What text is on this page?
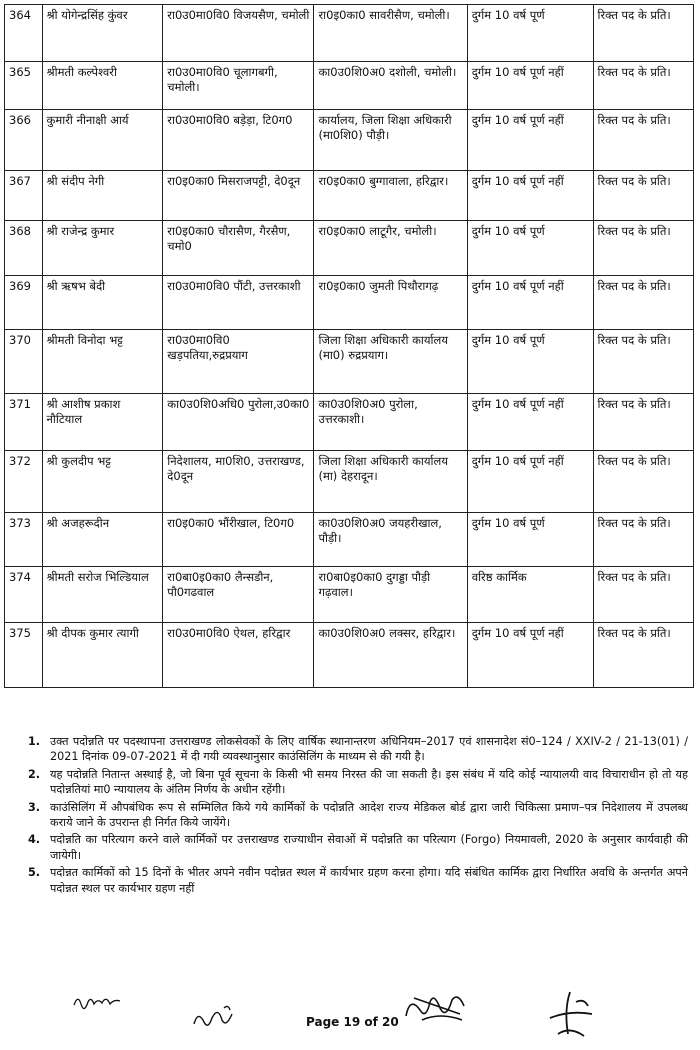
364	श्री योगेन्द्रसिंह कुंवर	रा0उ0मा0वि0 विजयसैण, चमोली	रा0इ0का0 सावरीसैण, चमोली।	दुर्गम 10 वर्ष पूर्ण	रिक्त पद के प्रति।
365	श्रीमती कल्पेश्वरी	रा0उ0मा0वि0 चूलागबगी, चमोली।	का0उ0शि0अ0 दशोली, चमोली।	दुर्गम 10 वर्ष पूर्ण नहीं	रिक्त पद के प्रति।
366	कुमारी नीनाक्षी आर्य	रा0उ0मा0वि0 बड़ेड़ा, टि0ग0	कार्यालय, जिला शिक्षा अधिकारी (मा0शि0) पौड़ी।	दुर्गम 10 वर्ष पूर्ण नहीं	रिक्त पद के प्रति।
367	श्री संदीप नेगी	रा0इ0का0 मिसराजपट्टी, दे0दून	रा0इ0का0 बुग्गावाला, हरिद्वार।	दुर्गम 10 वर्ष पूर्ण नहीं	रिक्त पद के प्रति।
368	श्री राजेन्द्र कुमार	रा0इ0का0 चौरासैण, गैरसैण, चमो0	रा0इ0का0 लाटूगैर, चमोली।	दुर्गम 10 वर्ष पूर्ण	रिक्त पद के प्रति।
369	श्री ऋषभ बेदी	रा0उ0मा0वि0 पौंटी, उत्तरकाशी	रा0इ0का0 जुमती पिथौरागढ़	दुर्गम 10 वर्ष पूर्ण नहीं	रिक्त पद के प्रति।
370	श्रीमती विनोदा भट्ट	रा0उ0मा0वि0 खड़पतिया,रुद्रप्रयाग	जिला शिक्षा अधिकारी कार्यालय (मा0) रुद्रप्रयाग।	दुर्गम 10 वर्ष पूर्ण	रिक्त पद के प्रति।
371	श्री आशीष प्रकाश नौटियाल	का0उ0शि0अधि0 पुरोला,उ0का0	का0उ0शि0अ0 पुरोला, उत्तरकाशी।	दुर्गम 10 वर्ष पूर्ण नहीं	रिक्त पद के प्रति।
372	श्री कुलदीप भट्ट	निदेशालय, मा0शि0, उत्तराखण्ड, दे0दून	जिला शिक्षा अधिकारी कार्यालय (मा) देहरादून।	दुर्गम 10 वर्ष पूर्ण नहीं	रिक्त पद के प्रति।
373	श्री अजहरूदीन	रा0इ0का0 भौंरीखाल, टि0ग0	का0उ0शि0अ0 जयहरीखाल, पौड़ी।	दुर्गम 10 वर्ष पूर्ण	रिक्त पद के प्रति।
374	श्रीमती सरोज भिल्डियाल	रा0बा0इ0का0 लैन्सडौन, पौ0गढवाल	रा0बा0इ0का0 दुगड्डा पौड़ी गढ़वाल।	वरिष्ठ कार्मिक	रिक्त पद के प्रति।
375	श्री दीपक कुमार त्यागी	रा0उ0मा0वि0 ऐथल, हरिद्वार	का0उ0शि0अ0 लक्सर, हरिद्वार।	दुर्गम 10 वर्ष पूर्ण नहीं	रिक्त पद के प्रति।
1. उक्त पदोन्नति पर पदस्थापना उत्तराखण्ड लोकसेवकों के लिए वार्षिक स्थानान्तरण अधिनियम–2017 एवं शासनादेश सं0–124 / XXIV-2 / 21-13(01) / 2021 दिनांक 09-07-2021 में दी गयी व्यवस्थानुसार काउंसिलिंग के माध्यम से की गयी है।
2. यह पदोन्नति नितान्त अस्थाई है, जो बिना पूर्व सूचना के किसी भी समय निरस्त की जा सकती है। इस संबंध में यदि कोई न्यायालयी वाद विचाराधीन हो तो यह पदोन्नतियां मा0 न्यायालय के अंतिम निर्णय के अधीन रहेंगी।
3. काउंसिलिंग में औपबंधिक रूप से सम्मिलित किये गये कार्मिकों के पदोन्नति आदेश राज्य मेडिकल बोर्ड द्वारा जारी चिकित्सा प्रमाण–पत्र निदेशालय में उपलब्ध कराये जाने के उपरान्त ही निर्गत किये जायेंगे।
4. पदोन्नति का परित्याग करने वाले कार्मिकों पर उत्तराखण्ड राज्याधीन सेवाओं में पदोन्नति का परित्याग (Forgo) नियमावली, 2020 के अनुसार कार्यवाही की जायेगी।
5. पदोन्नत कार्मिकों को 15 दिनों के भीतर अपने नवीन पदोन्नत स्थल में कार्यभार ग्रहण करना होगा। यदि संबंधित कार्मिक द्वारा निर्धारित अवधि के अन्तर्गत अपने पदोन्नत स्थल पर कार्यभार ग्रहण नहीं
Page 19 of 20
